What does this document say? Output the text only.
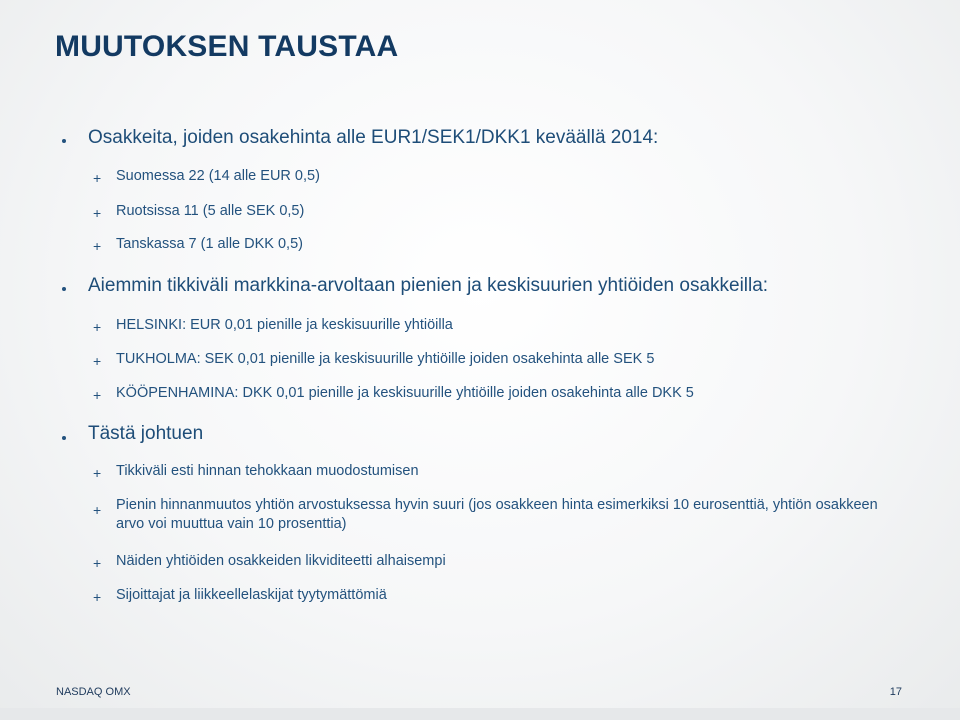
MUUTOKSEN TAUSTAA
Osakkeita, joiden osakehinta alle EUR1/SEK1/DKK1 keväällä 2014:
+ Suomessa 22 (14 alle EUR 0,5)
+ Ruotsissa 11 (5 alle SEK 0,5)
+ Tanskassa 7 (1 alle DKK 0,5)
Aiemmin tikkiväli markkina-arvoltaan pienien ja keskisuurien yhtiöiden osakkeilla:
+ HELSINKI: EUR 0,01 pienille ja keskisuurille yhtiöilla
+ TUKHOLMA: SEK 0,01 pienille ja keskisuurille yhtiöille joiden osakehinta alle SEK 5
+ KÖÖPENHAMINA: DKK 0,01 pienille ja keskisuurille yhtiöille joiden osakehinta alle DKK 5
Tästä johtuen
+ Tikkiväli esti hinnan tehokkaan muodostumisen
+ Pienin hinnanmuutos yhtiön arvostuksessa hyvin suuri (jos osakkeen hinta esimerkiksi 10 eurosenttiä, yhtiön osakkeen arvo voi muuttua vain 10 prosenttia)
+ Näiden yhtiöiden osakkeiden likviditeetti alhaisempi
+ Sijoittajat ja liikkeellelaskijat tyytymättömiä
NASDAQ OMX	17
